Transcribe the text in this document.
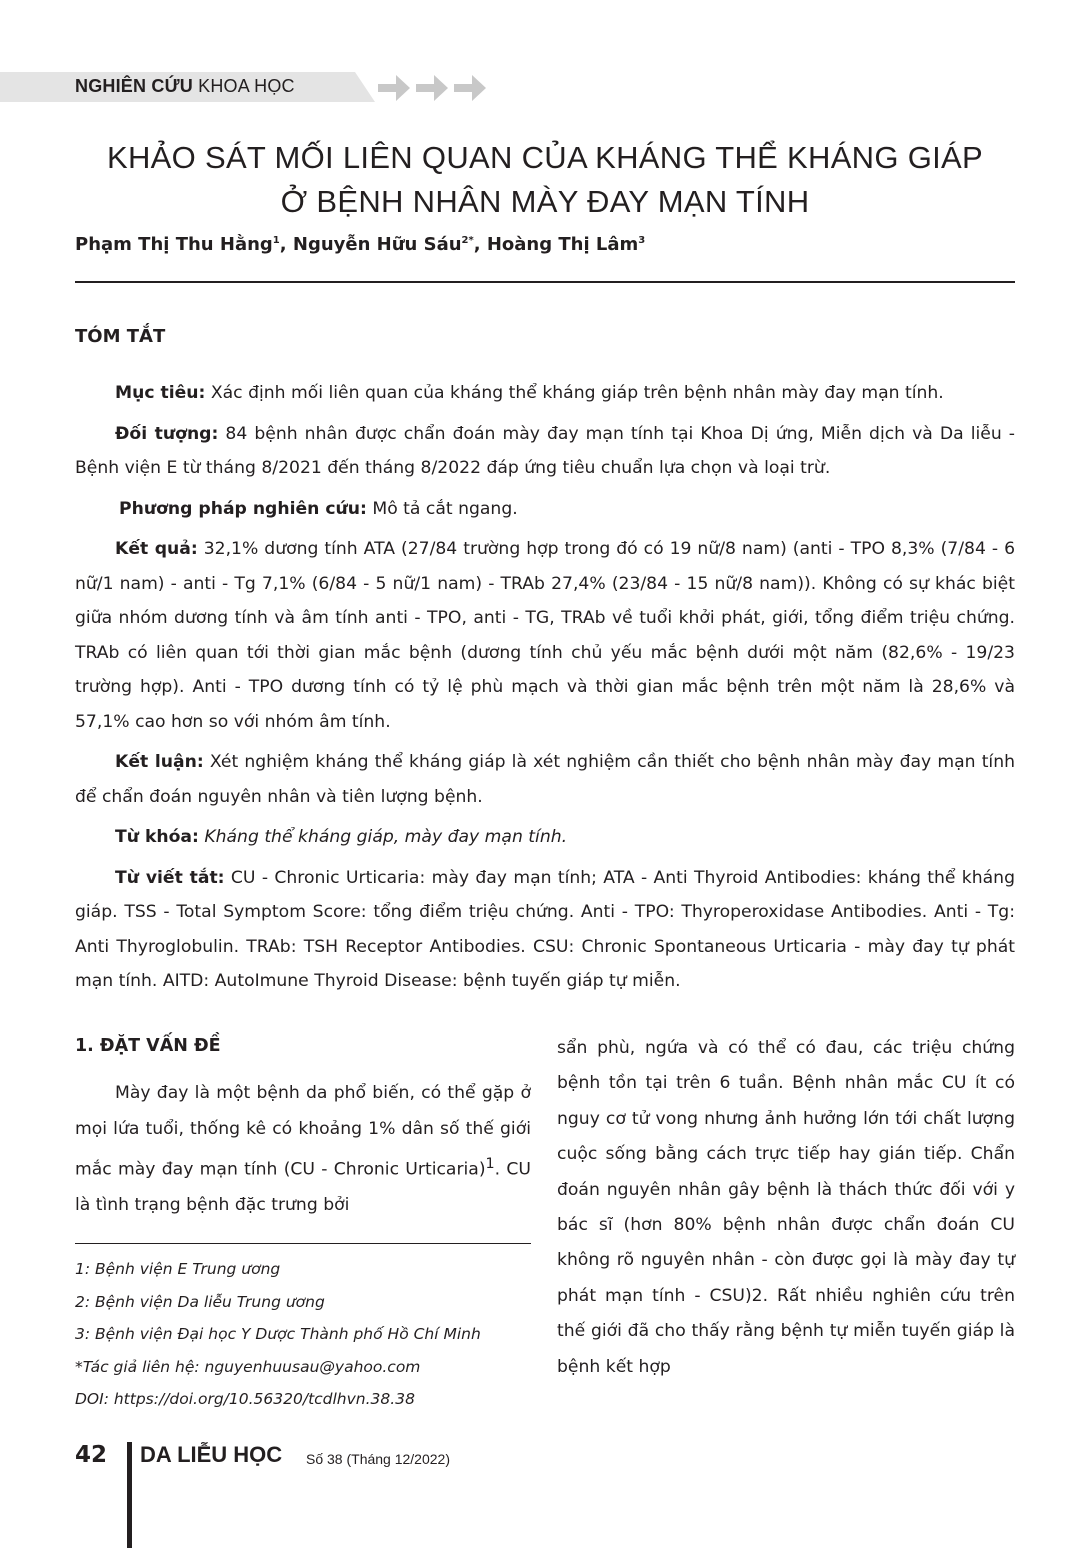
NGHIÊN CỨU KHOA HỌC
KHẢO SÁT MỐI LIÊN QUAN CỦA KHÁNG THỂ KHÁNG GIÁP
Ở BỆNH NHÂN MÀY ĐAY MẠN TÍNH
Phạm Thị Thu Hằng$^1$, Nguyễn Hữu Sáu$^{2*}$, Hoàng Thị Lâm$^3$
TÓM TẮT

Mục tiêu: Xác định mối liên quan của kháng thể kháng giáp trên bệnh nhân mày đay mạn tính.

Đối tượng: 84 bệnh nhân được chẩn đoán mày đay mạn tính tại Khoa Dị ứng, Miễn dịch và Da liễu - Bệnh viện E từ tháng 8/2021 đến tháng 8/2022 đáp ứng tiêu chuẩn lựa chọn và loại trừ.

Phương pháp nghiên cứu: Mô tả cắt ngang.

Kết quả: 32,1% dương tính ATA (27/84 trường hợp trong đó có 19 nữ/8 nam) (anti - TPO 8,3% (7/84 - 6 nữ/1 nam) - anti - Tg 7,1% (6/84 - 5 nữ/1 nam) - TRAb 27,4% (23/84 - 15 nữ/8 nam)). Không có sự khác biệt giữa nhóm dương tính và âm tính anti - TPO, anti - TG, TRAb về tuổi khởi phát, giới, tổng điểm triệu chứng. TRAb có liên quan tới thời gian mắc bệnh (dương tính chủ yếu mắc bệnh dưới một năm (82,6% - 19/23 trường hợp). Anti - TPO dương tính có tỷ lệ phù mạch và thời gian mắc bệnh trên một năm là 28,6% và 57,1% cao hơn so với nhóm âm tính.

Kết luận: Xét nghiệm kháng thể kháng giáp là xét nghiệm cần thiết cho bệnh nhân mày đay mạn tính để chẩn đoán nguyên nhân và tiên lượng bệnh.

Từ khóa: Kháng thể kháng giáp, mày đay mạn tính.

Từ viết tắt: CU - Chronic Urticaria: mày đay mạn tính; ATA - Anti Thyroid Antibodies: kháng thể kháng giáp. TSS - Total Symptom Score: tổng điểm triệu chứng. Anti - TPO: Thyroperoxidase Antibodies. Anti - Tg: Anti Thyroglobulin. TRAb: TSH Receptor Antibodies. CSU: Chronic Spontaneous Urticaria - mày đay tự phát mạn tính. AITD: AutoImune Thyroid Disease: bệnh tuyến giáp tự miễn.

1. ĐẶT VẤN ĐỀ

Mày đay là một bệnh da phổ biến, có thể gặp ở mọi lứa tuổi, thống kê có khoảng 1% dân số thế giới mắc mày đay mạn tính (CU - Chronic Urticaria)$^1$. CU là tình trạng bệnh đặc trưng bởi

1: Bệnh viện E Trung ương
2: Bệnh viện Da liễu Trung ương
3: Bệnh viện Đại học Y Dược Thành phố Hồ Chí Minh
*Tác giả liên hệ: nguyenhuusau@yahoo.com
DOI: https://doi.org/10.56320/tcdlhvn.38.38

sẩn phù, ngứa và có thể có đau, các triệu chứng bệnh tồn tại trên 6 tuần. Bệnh nhân mắc CU ít có nguy cơ tử vong nhưng ảnh hưởng lớn tới chất lượng cuộc sống bằng cách trực tiếp hay gián tiếp. Chẩn đoán nguyên nhân gây bệnh là thách thức đối với y bác sĩ (hơn 80% bệnh nhân được chẩn đoán CU không rõ nguyên nhân - còn được gọi là mày đay tự phát mạn tính - CSU)2. Rất nhiều nghiên cứu trên thế giới đã cho thấy rằng bệnh tự miễn tuyến giáp là bệnh kết hợp

42 DA LIỄU HỌC Số 38 (Tháng 12/2022)
